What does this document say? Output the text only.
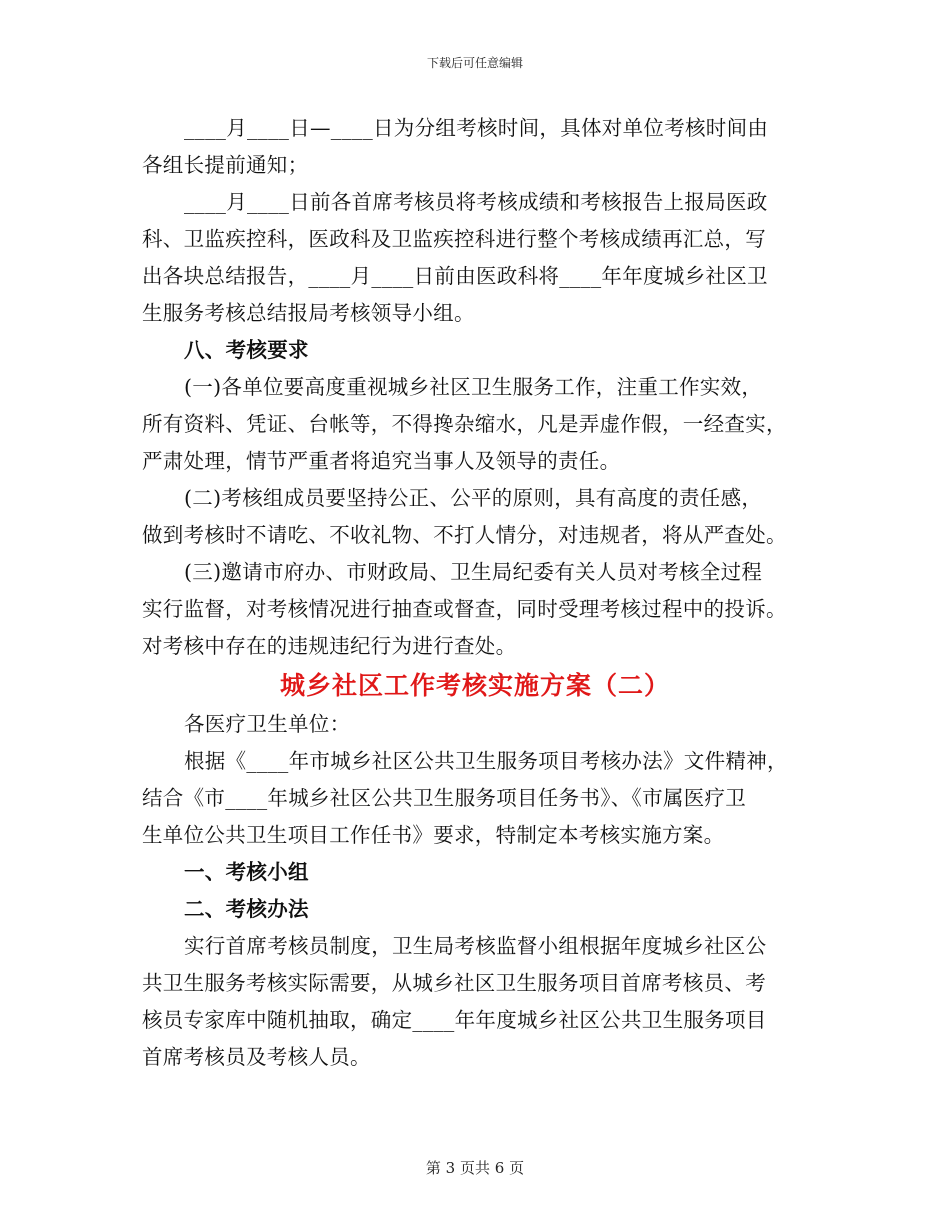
下载后可任意编辑
____月____日—____日为分组考核时间，具体对单位考核时间由
各组长提前通知；
____月____日前各首席考核员将考核成绩和考核报告上报局医政
科、卫监疾控科，医政科及卫监疾控科进行整个考核成绩再汇总，写
出各块总结报告，____月____日前由医政科将____年年度城乡社区卫
生服务考核总结报局考核领导小组。
八、考核要求
(一)各单位要高度重视城乡社区卫生服务工作，注重工作实效，
所有资料、凭证、台帐等，不得搀杂缩水，凡是弄虚作假，一经查实，
严肃处理，情节严重者将追究当事人及领导的责任。
(二)考核组成员要坚持公正、公平的原则，具有高度的责任感，
做到考核时不请吃、不收礼物、不打人情分，对违规者，将从严查处。
(三)邀请市府办、市财政局、卫生局纪委有关人员对考核全过程
实行监督，对考核情况进行抽查或督查，同时受理考核过程中的投诉。
对考核中存在的违规违纪行为进行查处。
城乡社区工作考核实施方案（二）
各医疗卫生单位：
根据《____年市城乡社区公共卫生服务项目考核办法》文件精神，
结合《市____年城乡社区公共卫生服务项目任务书》、《市属医疗卫
生单位公共卫生项目工作任书》要求，特制定本考核实施方案。
一、考核小组
二、考核办法
实行首席考核员制度，卫生局考核监督小组根据年度城乡社区公
共卫生服务考核实际需要，从城乡社区卫生服务项目首席考核员、考
核员专家库中随机抽取，确定____年年度城乡社区公共卫生服务项目
首席考核员及考核人员。
第 3 页共 6 页
